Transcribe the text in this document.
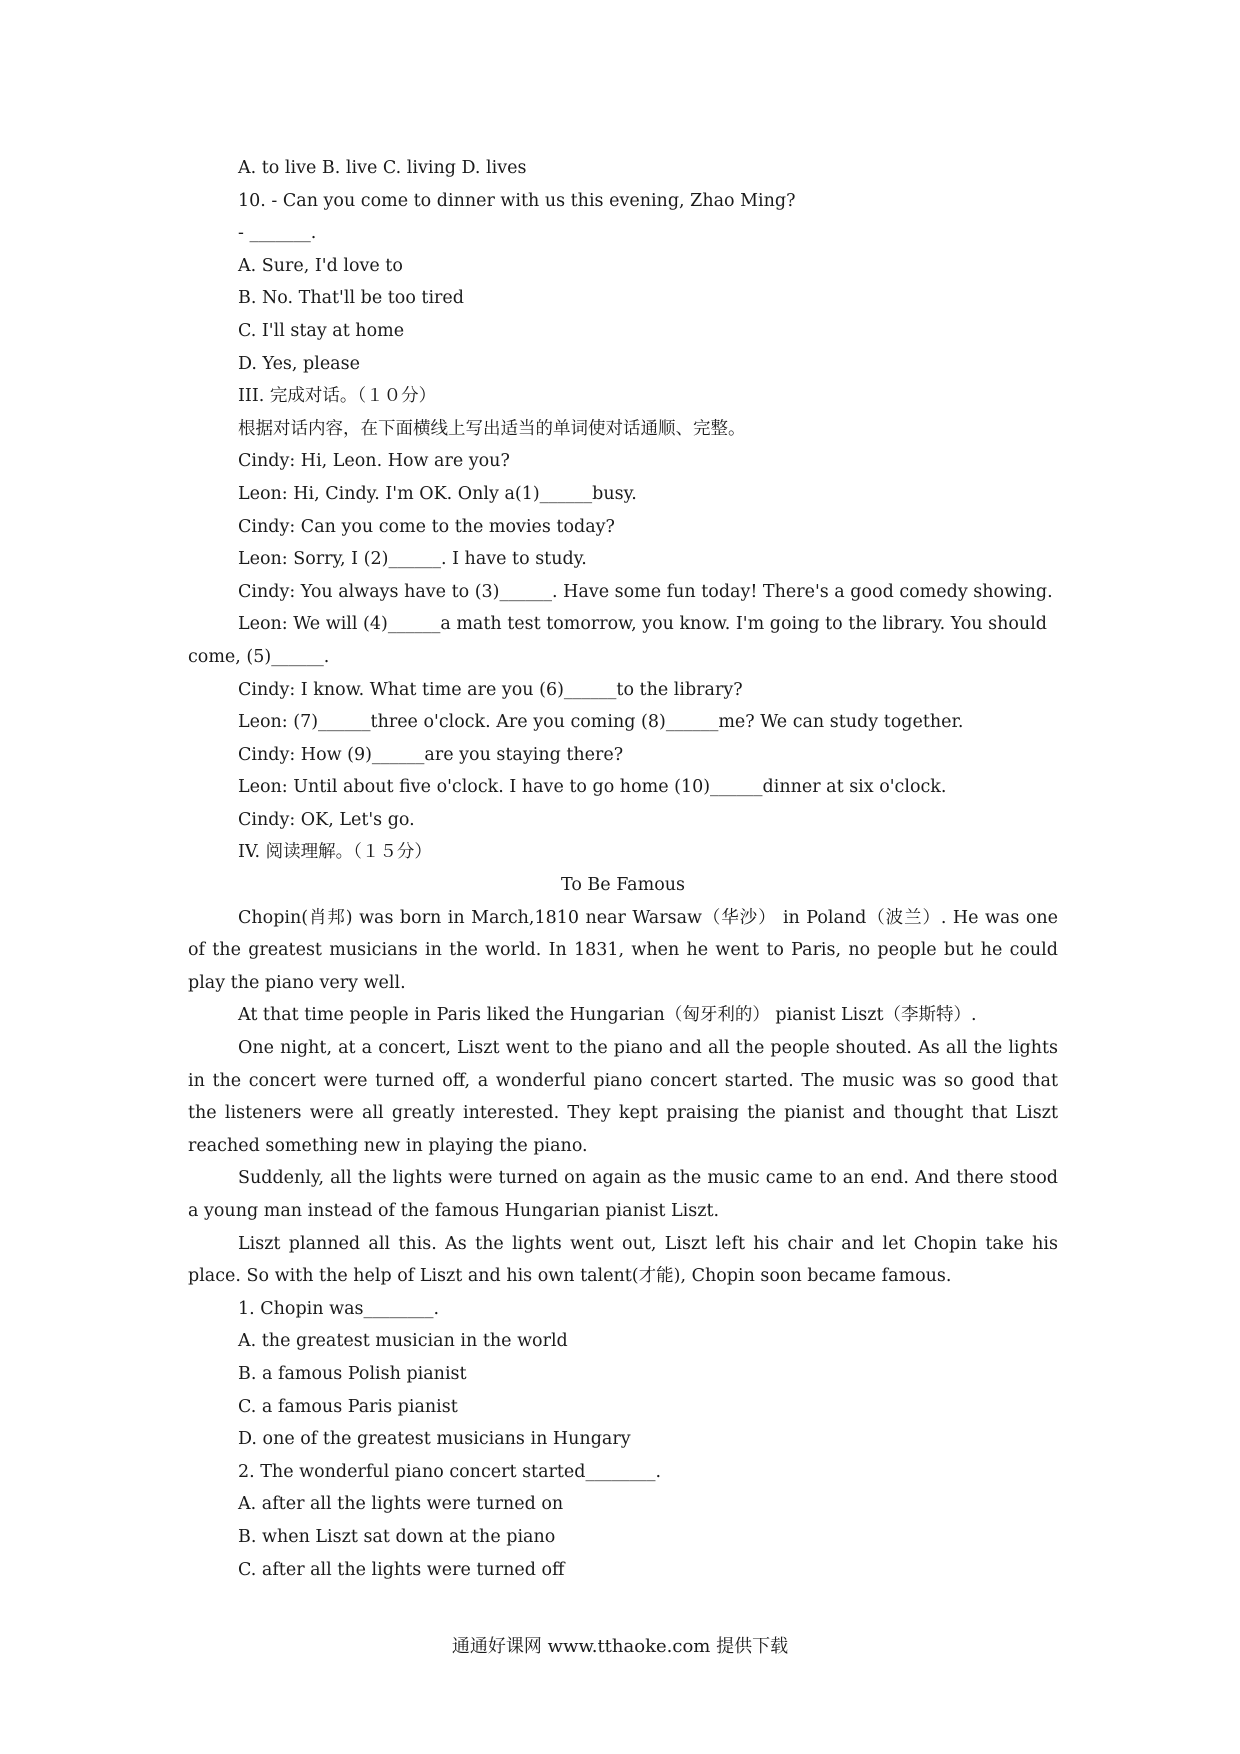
A. to live B. live C. living D. lives
10. - Can you come to dinner with us this evening, Zhao Ming?
- _______.
A. Sure, I'd love to
B. No. That'll be too tired
C. I'll stay at home
D. Yes, please
III. 完成对话。（１０分）
根据对话内容，在下面横线上写出适当的单词使对话通顺、完整。
Cindy: Hi, Leon. How are you?
Leon: Hi, Cindy. I'm OK. Only a(1)______busy.
Cindy: Can you come to the movies today?
Leon: Sorry, I (2)______. I have to study.
Cindy: You always have to (3)______. Have some fun today! There's a good comedy showing.
Leon: We will (4)______a math test tomorrow, you know. I'm going to the library. You should
come, (5)______.
Cindy: I know. What time are you (6)______to the library?
Leon: (7)______three o'clock. Are you coming (8)______me? We can study together.
Cindy: How (9)______are you staying there?
Leon: Until about five o'clock. I have to go home (10)______dinner at six o'clock.
Cindy: OK, Let's go.
IV. 阅读理解。（１５分）
To Be Famous
Chopin(肖邦) was born in March,1810 near Warsaw（华沙） in Poland（波兰）. He was one of the greatest musicians in the world. In 1831, when he went to Paris, no people but he could play the piano very well.
At that time people in Paris liked the Hungarian（匈牙利的） pianist Liszt（李斯特）.
One night, at a concert, Liszt went to the piano and all the people shouted. As all the lights in the concert were turned off, a wonderful piano concert started. The music was so good that the listeners were all greatly interested. They kept praising the pianist and thought that Liszt reached something new in playing the piano.
Suddenly, all the lights were turned on again as the music came to an end. And there stood a young man instead of the famous Hungarian pianist Liszt.
Liszt planned all this. As the lights went out, Liszt left his chair and let Chopin take his place. So with the help of Liszt and his own talent(才能), Chopin soon became famous.
1. Chopin was________.
A. the greatest musician in the world
B. a famous Polish pianist
C. a famous Paris pianist
D. one of the greatest musicians in Hungary
2. The wonderful piano concert started________.
A. after all the lights were turned on
B. when Liszt sat down at the piano
C. after all the lights were turned off
通通好课网 www.tthaoke.com 提供下载
